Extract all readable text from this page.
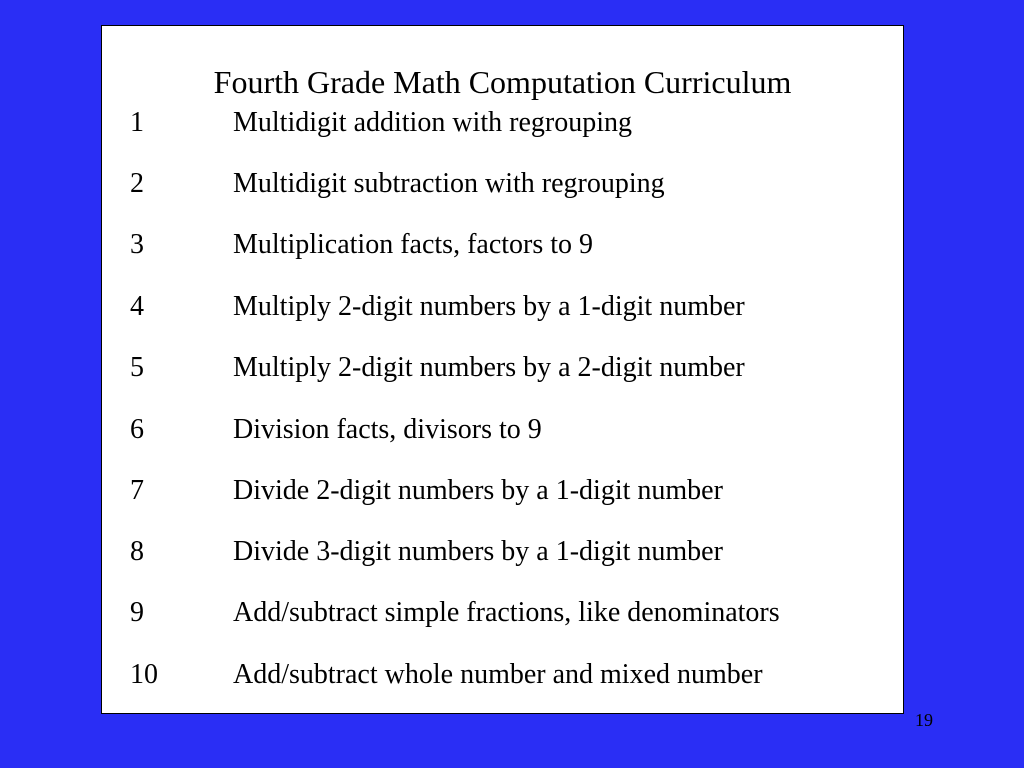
Fourth Grade Math Computation Curriculum
1	Multidigit addition with regrouping
2	Multidigit subtraction with regrouping
3	Multiplication facts, factors to 9
4	Multiply 2-digit numbers by a 1-digit number
5	Multiply 2-digit numbers by a 2-digit number
6	Division facts, divisors to 9
7	Divide 2-digit numbers by a 1-digit number
8	Divide 3-digit numbers by a 1-digit number
9	Add/subtract simple fractions, like denominators
10	Add/subtract whole number and mixed number
19
